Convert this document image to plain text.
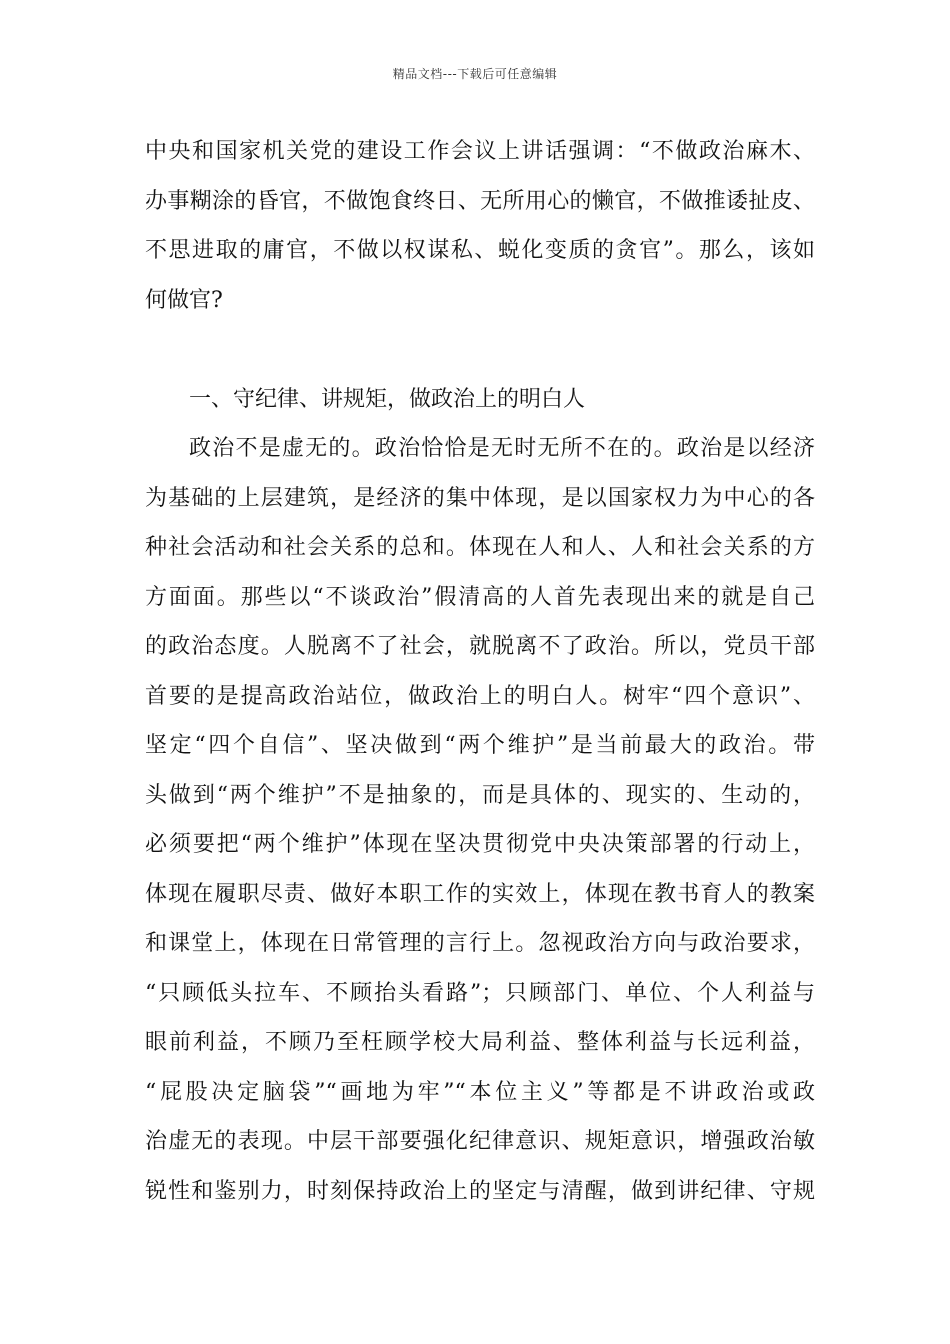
精品文档---下载后可任意编辑
中央和国家机关党的建设工作会议上讲话强调：“不做政治麻木、
办事糊涂的昏官，不做饱食终日、无所用心的懒官，不做推诿扯皮、
不思进取的庸官，不做以权谋私、蜕化变质的贪官”。那么，该如
何做官?
一、守纪律、讲规矩，做政治上的明白人
政治不是虚无的。政治恰恰是无时无所不在的。政治是以经济
为基础的上层建筑，是经济的集中体现，是以国家权力为中心的各
种社会活动和社会关系的总和。体现在人和人、人和社会关系的方
方面面。那些以“不谈政治”假清高的人首先表现出来的就是自己
的政治态度。人脱离不了社会，就脱离不了政治。所以，党员干部
首要的是提高政治站位，做政治上的明白人。树牢“四个意识”、
坚定“四个自信”、坚决做到“两个维护”是当前最大的政治。带
头做到“两个维护”不是抽象的，而是具体的、现实的、生动的，
必须要把“两个维护”体现在坚决贯彻党中央决策部署的行动上，
体现在履职尽责、做好本职工作的实效上，体现在教书育人的教案
和课堂上，体现在日常管理的言行上。忽视政治方向与政治要求，
“只顾低头拉车、不顾抬头看路”；只顾部门、单位、个人利益与
眼前利益，不顾乃至枉顾学校大局利益、整体利益与长远利益，
“屁股决定脑袋”“画地为牢”“本位主义”等都是不讲政治或政
治虚无的表现。中层干部要强化纪律意识、规矩意识，增强政治敏
锐性和鉴别力，时刻保持政治上的坚定与清醒，做到讲纪律、守规
